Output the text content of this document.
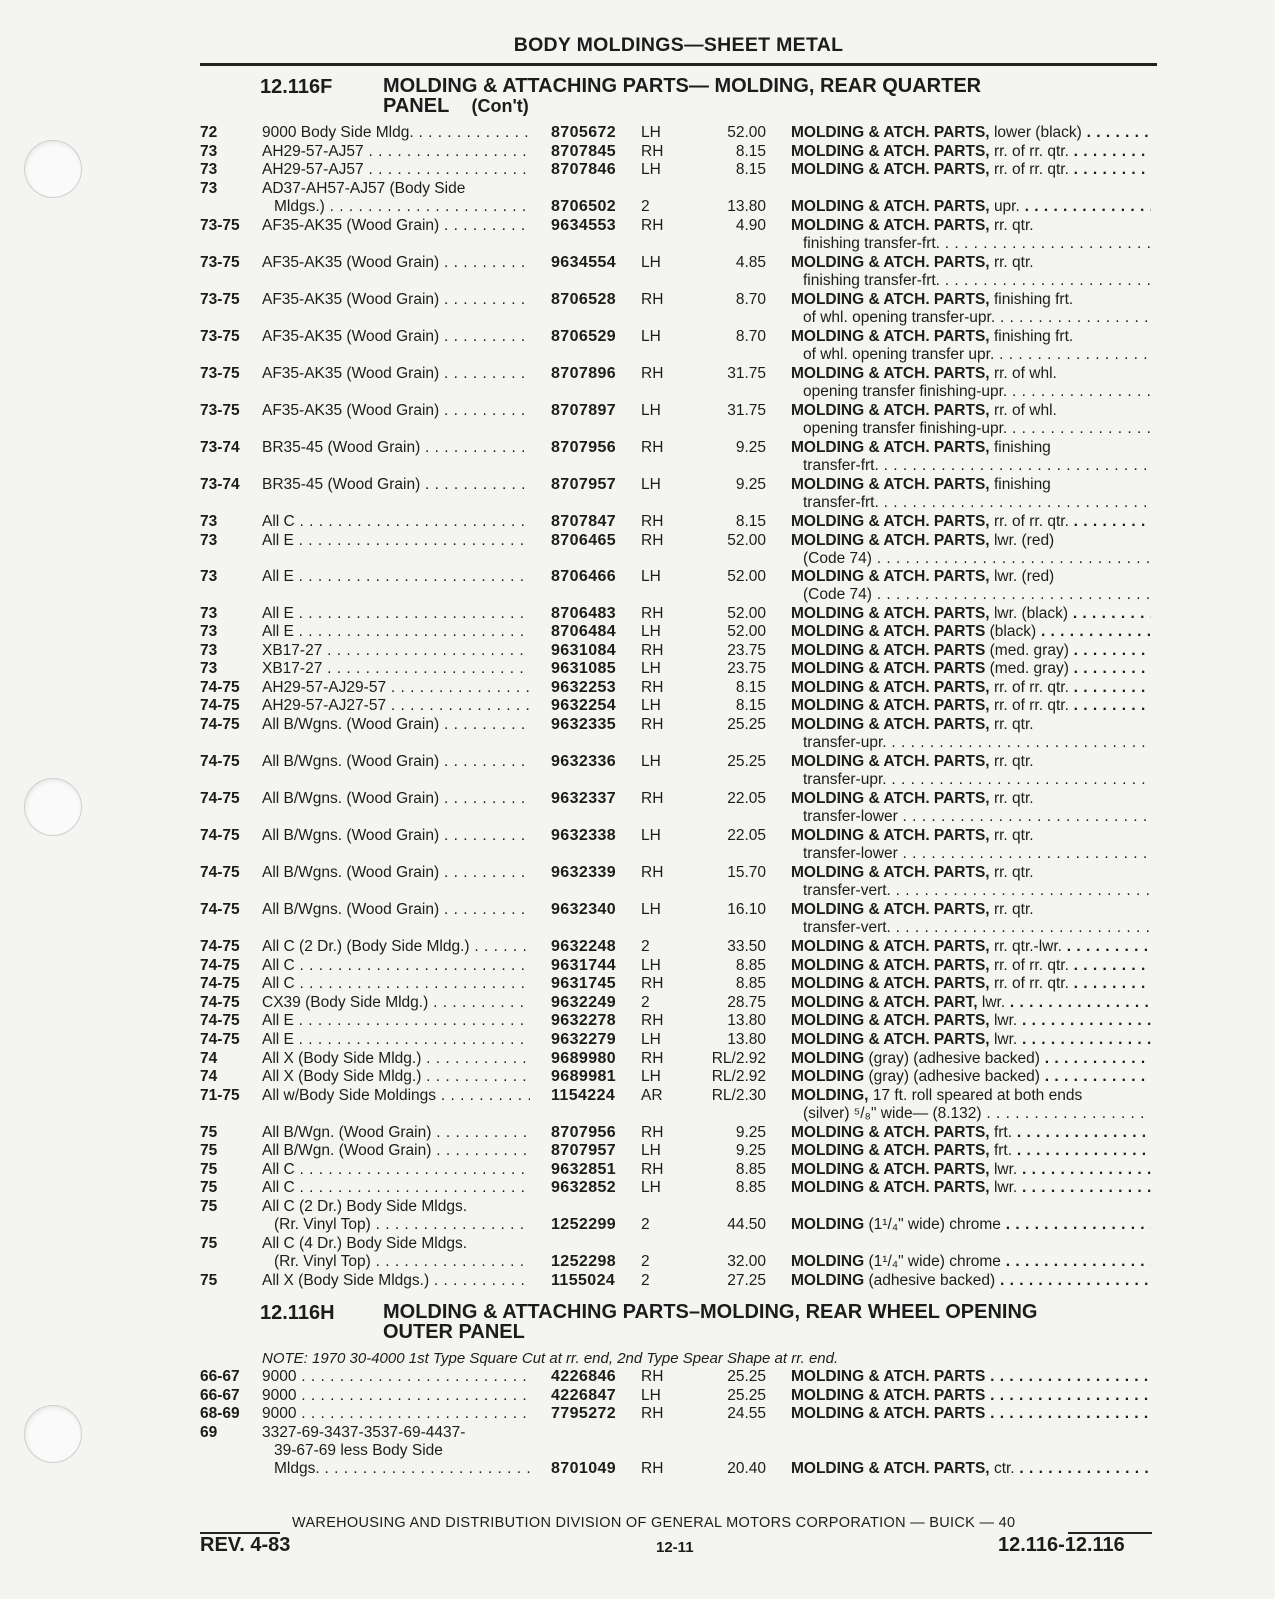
BODY MOLDINGS—SHEET METAL
12.116F	MOLDING & ATTACHING PARTS— MOLDING, REAR QUARTER
PANEL (Con't)
12.116H MOLDING & ATTACHING PARTS–MOLDING, REAR WHEEL OPENING
OUTER PANEL
NOTE: 1970 30-4000 1st Type Square Cut at rr. end, 2nd Type Spear Shape at rr. end.
72	9000 Body Side Mldg. . . .	8705672 LH	52.00 MOLDING & ATCH. PARTS, lower (black) . . .
73	AH29-57-AJ57 . . .	8707845 RH	8.15 MOLDING & ATCH. PARTS, rr. of rr. qtr. . . .
73	AH29-57-AJ57 . . .	8707846 LH	8.15 MOLDING & ATCH. PARTS, rr. of rr. qtr. . . .
73	AD37-AH57-AJ57 (Body Side
Mldgs.) . . .	8706502 2	13.80 MOLDING & ATCH. PARTS, upr. . . .
73-75	AF35-AK35 (Wood Grain) . . .	9634553 RH	4.90 MOLDING & ATCH. PARTS, rr. qtr.
finishing transfer-frt. . . .
73-75	AF35-AK35 (Wood Grain) . . .	9634554 LH	4.85 MOLDING & ATCH. PARTS, rr. qtr.
finishing transfer-frt. . . .
73-75	AF35-AK35 (Wood Grain) . . .	8706528 RH	8.70 MOLDING & ATCH. PARTS, finishing frt.
of whl. opening transfer-upr. . . .
73-75	AF35-AK35 (Wood Grain) . . .	8706529 LH	8.70 MOLDING & ATCH. PARTS, finishing frt.
of whl. opening transfer upr. . . .
73-75	AF35-AK35 (Wood Grain) . . .	8707896 RH	31.75 MOLDING & ATCH. PARTS, rr. of whl.
opening transfer finishing-upr. . . .
73-75	AF35-AK35 (Wood Grain) . . .	8707897 LH	31.75 MOLDING & ATCH. PARTS, rr. of whl.
opening transfer finishing-upr. . . .
73-74	BR35-45 (Wood Grain) . . .	8707956 RH	9.25 MOLDING & ATCH. PARTS, finishing
transfer-frt. . . .
73-74	BR35-45 (Wood Grain) . . .	8707957 LH	9.25 MOLDING & ATCH. PARTS, finishing
transfer-frt. . . .
73	All C . . .	8707847 RH	8.15 MOLDING & ATCH. PARTS, rr. of rr. qtr. . . .
73	All E . . .	8706465 RH	52.00 MOLDING & ATCH. PARTS, lwr. (red)
(Code 74) . . .
73	All E . . .	8706466 LH	52.00 MOLDING & ATCH. PARTS, lwr. (red)
(Code 74) . . .
73	All E . . .	8706483 RH	52.00 MOLDING & ATCH. PARTS, lwr. (black) . . .
73	All E . . .	8706484 LH	52.00 MOLDING & ATCH. PARTS (black) . . .
73	XB17-27 . . .	9631084 RH	23.75 MOLDING & ATCH. PARTS (med. gray) . . .
73	XB17-27 . . .	9631085 LH	23.75 MOLDING & ATCH. PARTS (med. gray) . . .
74-75	AH29-57-AJ29-57 . . .	9632253 RH	8.15 MOLDING & ATCH. PARTS, rr. of rr. qtr. . . .
74-75	AH29-57-AJ27-57 . . .	9632254 LH	8.15 MOLDING & ATCH. PARTS, rr. of rr. qtr. . . .
74-75	All B/Wgns. (Wood Grain) . . .	9632335 RH	25.25 MOLDING & ATCH. PARTS, rr. qtr.
transfer-upr. . . .
74-75	All B/Wgns. (Wood Grain) . . .	9632336 LH	25.25 MOLDING & ATCH. PARTS, rr. qtr.
transfer-upr. . . .
74-75	All B/Wgns. (Wood Grain) . . .	9632337 RH	22.05 MOLDING & ATCH. PARTS, rr. qtr.
transfer-lower . . .
74-75	All B/Wgns. (Wood Grain) . . .	9632338 LH	22.05 MOLDING & ATCH. PARTS, rr. qtr.
transfer-lower . . .
74-75	All B/Wgns. (Wood Grain) . . .	9632339 RH	15.70 MOLDING & ATCH. PARTS, rr. qtr.
transfer-vert. . . .
74-75	All B/Wgns. (Wood Grain) . . .	9632340 LH	16.10 MOLDING & ATCH. PARTS, rr. qtr.
transfer-vert. . . .
74-75	All C (2 Dr.) (Body Side Mldg.) . . .	9632248 2	33.50 MOLDING & ATCH. PARTS, rr. qtr.-lwr. . . .
74-75	All C . . .	9631744 LH	8.85 MOLDING & ATCH. PARTS, rr. of rr. qtr. . . .
74-75	All C . . .	9631745 RH	8.85 MOLDING & ATCH. PARTS, rr. of rr. qtr. . . .
74-75	CX39 (Body Side Mldg.) . . .	9632249 2	28.75 MOLDING & ATCH. PART, lwr. . . .
74-75	All E . . .	9632278 RH	13.80 MOLDING & ATCH. PARTS, lwr. . . .
74-75	All E . . .	9632279 LH	13.80 MOLDING & ATCH. PARTS, lwr. . . .
74	All X (Body Side Mldg.) . . .	9689980 RH	RL/2.92 MOLDING (gray) (adhesive backed) . . .
74	All X (Body Side Mldg.) . . .	9689981 LH	RL/2.92 MOLDING (gray) (adhesive backed) . . .
71-75	All w/Body Side Moldings . . .	1154224 AR	RL/2.30 MOLDING, 17 ft. roll speared at both ends
(silver) ⁵/₈" wide— (8.132) . . .
75	All B/Wgn. (Wood Grain) . . .	8707956 RH	9.25 MOLDING & ATCH. PARTS, frt. . . .
75	All B/Wgn. (Wood Grain) . . .	8707957 LH	9.25 MOLDING & ATCH. PARTS, frt. . . .
75	All C . . .	9632851 RH	8.85 MOLDING & ATCH. PARTS, lwr. . . .
75	All C . . .	9632852 LH	8.85 MOLDING & ATCH. PARTS, lwr. . . .
75	All C (2 Dr.) Body Side Mldgs.
(Rr. Vinyl Top) . . .	1252299 2	44.50 MOLDING (1¹/₄" wide) chrome . . .
75	All C (4 Dr.) Body Side Mldgs.
(Rr. Vinyl Top) . . .	1252298 2	32.00 MOLDING (1¹/₄" wide) chrome . . .
75	All X (Body Side Mldgs.) . . .	1155024 2	27.25 MOLDING (adhesive backed) . . .
66-67	9000 . . .	4226846 RH	25.25 MOLDING & ATCH. PARTS . . .
66-67	9000 . . .	4226847 LH	25.25 MOLDING & ATCH. PARTS . . .
68-69	9000 . . .	7795272 RH	24.55 MOLDING & ATCH. PARTS . . .
69	3327-69-3437-3537-69-4437-
39-67-69 less Body Side
Mldgs. . . .	8701049 RH	20.40 MOLDING & ATCH. PARTS, ctr. . . .
WAREHOUSING AND DISTRIBUTION DIVISION OF GENERAL MOTORS CORPORATION — BUICK — 40
REV. 4-83	12-11	12.116-12.116
